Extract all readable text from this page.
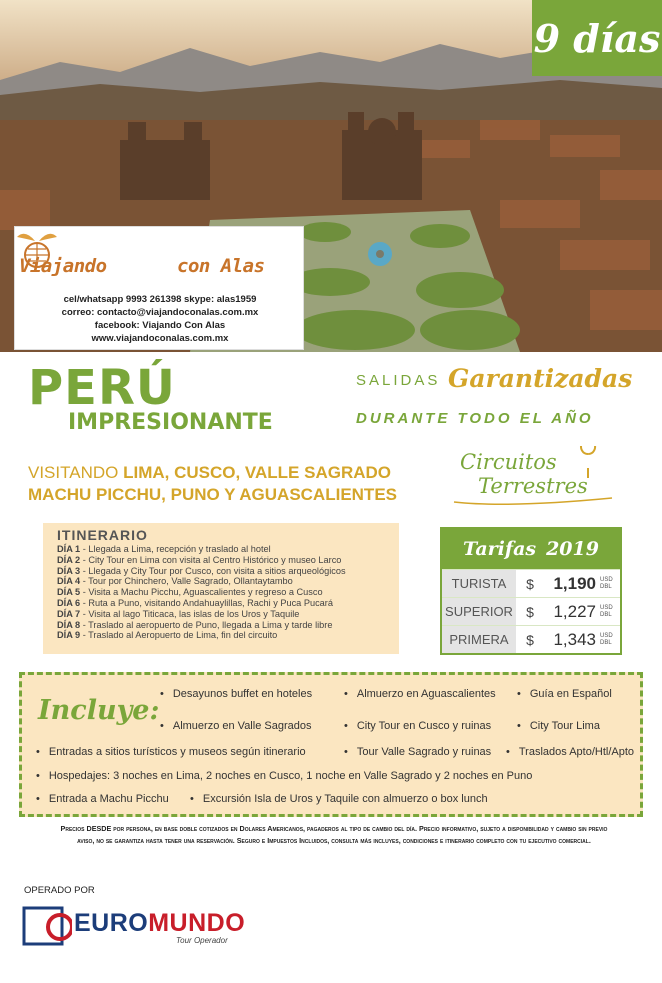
9 días
Viajando	con Alas
cel/whatsapp 9993 261398 skype: alas1959
correo: contacto@viajandoconalas.com.mx
facebook: Viajando Con Alas
www.viajandoconalas.com.mx
PERÚ
IMPRESIONANTE
SALIDAS Garantizadas
DURANTE TODO EL AÑO
VISITANDO LIMA, CUSCO, VALLE SAGRADO
MACHU PICCHU, PUNO Y AGUASCALIENTES
Circuitos
Terrestres
ITINERARIO
DÍA 1 - Llegada a Lima, recepción y traslado al hotel
DÍA 2 - City Tour en Lima con visita al Centro Histórico y museo Larco
DÍA 3 - Llegada y City Tour por Cusco, con visita a sitios arqueológicos
DÍA 4 - Tour por Chinchero, Valle Sagrado, Ollantaytambo
DÍA 5 - Visita a Machu Picchu, Aguascalientes y regreso a Cusco
DÍA 6 - Ruta a Puno, visitando Andahuaylillas, Rachi y Puca Pucará
DÍA 7 - Visita al lago Titicaca, las islas de los Uros y Taquile
DÍA 8 - Traslado al aeropuerto de Puno, llegada a Lima y tarde libre
DÍA 9 - Traslado al Aeropuerto de Lima, fin del circuito
Tarifas 2019
TURISTA	$	1,190 USD
DBL
SUPERIOR $	1,227 USD
DBL
PRIMERA	$	1,343 USD
DBL
Incluye:
• Desayunos buffet en hoteles	• Almuerzo en Aguascalientes	• Guía en Español
• Almuerzo en Valle Sagrados	• City Tour en Cusco y ruinas	• City Tour Lima
• Entradas a sitios turísticos y museos según itinerario	• Tour Valle Sagrado y ruinas	• Traslados Apto/Htl/Apto
• Hospedajes: 3 noches en Lima, 2 noches en Cusco, 1 noche en Valle Sagrado y 2 noches en Puno
• Entrada a Machu Picchu	• Excursión Isla de Uros y Taquile con almuerzo o box lunch
Precios DESDE por persona, en base doble cotizados en Dolares Americanos, pagaderos al tipo de cambio del día. Precio informativo, sujeto a disponibilidad y cambio sin previo
aviso, no se garantiza hasta tener una reservación. Seguro e Impuestos Incluidos, consulta más incluyes, condiciones e itinerario completo con tu ejecutivo comercial.
OPERADO POR
EUROMUNDO
Tour Operador
